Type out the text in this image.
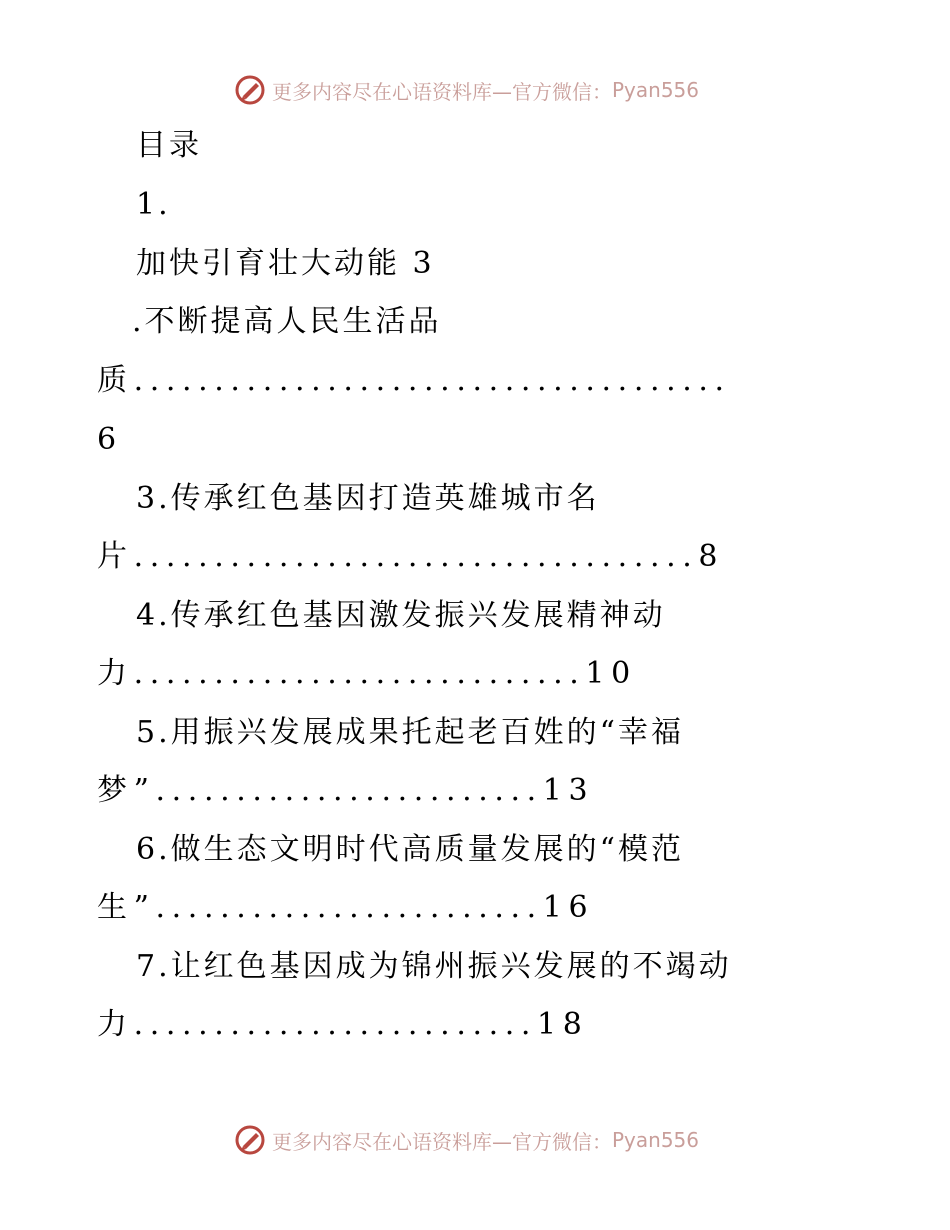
更多内容尽在心语资料库—官方微信： Pyan556
目录
1.
加快引育壮大动能 3
.不断提高人民生活品
质.....................................
6
3.传承红色基因打造英雄城市名
片...................................8
4.传承红色基因激发振兴发展精神动
力............................10
5.用振兴发展成果托起老百姓的“幸福
梦”........................13
6.做生态文明时代高质量发展的“模范
生”........................16
7.让红色基因成为锦州振兴发展的不竭动
力.........................18
更多内容尽在心语资料库—官方微信： Pyan556
